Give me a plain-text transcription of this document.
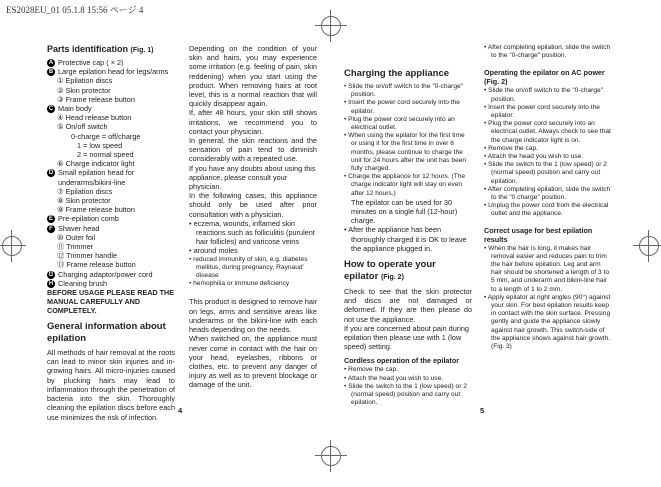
ES2028EU_01 05.1.8 15:56 ページ 4
Parts identification (Fig. 1)
A Protective cap ( × 2)
B Large epilation head for legs/arms
① Epilation discs
② Skin protector
③ Frame release button
C Main body
④ Head release button
⑤ On/off switch
0-charge = off/charge
1 = low speed
2 = normal speed
⑥ Charge indicator light
D Small epilation head for underarms/bikini-line
⑦ Epilation discs
⑧ Skin protector
⑨ Frame release button
E Pre-epilation comb
F Shaver head
⑩ Outer foil
⑪ Trimmer
⑫ Trimmer handle
⑬ Frame release button
G Charging adaptor/power cord
H Cleaning brush

BEFORE USAGE PLEASE READ THE MANUAL CAREFULLY AND COMPLETELY.

General information about epilation

All methods of hair removal at the roots can lead to minor skin injuries and in-growing hairs. All micro-injuries caused by plucking hairs may lead to inflammation through the penetration of bacteria into the skin. Thoroughly cleaning the epilation discs before each use minimizes the risk of infection.

Depending on the condition of your skin and hairs, you may experience some irritation (e.g. feeling of pain, skin reddening) when you start using the product. When removing hairs at root level, this is a normal reaction that will quickly disappear again.

If, after 48 hours, your skin still shows irritations, we recommend you to contact your physician.

In general, the skin reactions and the sensation of pain tend to diminish considerably with a repeated use.

If you have any doubts about using this appliance, please consult your physician.

In the following cases, this appliance should only be used after prior consultation with a physician.

• eczema, wounds, inflamed skin reactions such as folliculitis (purulent hair follicles) and varicose veins
• around moles
• reduced immunity of skin, e.g. diabetes mellitus, during pregnancy, Raynaud' disease
• hemophilia or immune deficiency

This product is designed to remove hair on legs, arms and sensitive areas like underarms or the bikini-line with each heads depending on the needs.

When switched on, the appliance must never come in contact with the hair on your head, eyelashes, ribbons or clothes, etc. to prevent any danger of injury as well as to prevent blockage or damage of the unit.

Charging the appliance
• Slide the on/off switch to the "0-charge" position.
• Insert the power cord securely into the epilator.
• Plug the power cord securely into an electrical outlet.
• When using the epilator for the first time or using it for the first time in over 6 months, please continue to charge the unit for 24 hours after the unit has been fully charged.
• Charge the appliance for 12 hours. (The charge indicator light will stay on even after 12 hours.)

The epilator can be used for 30 minutes on a single full (12-hour) charge.

• After the appliance has been thoroughly charged it is OK to leave the appliance plugged in.
How to operate your epilator (Fig. 2)

Check to see that the skin protector and discs are not damaged or deformed. If they are then please do not use the appliance.

If you are concerned about pain during epilation then please use with 1 (low speed) setting.

Cordless operation of the epilator
• Remove the cap.
• Attach the head you wish to use.
• Slide the switch to the 1 (low speed) or 2 (normal speed) position and carry out epilation.
• After completing epilation, slide the switch to the "0-charge" position.
Operating the epilator on AC power (Fig. 2)
• Slide the on/off switch to the "0-charge" position.
• Insert the power cord securely into the epilator.
• Plug the power cord securely into an electrical outlet. Always check to see that the charge indicator light is on.
• Remove the cap.
• Attach the head you wish to use.
• Slide the switch to the 1 (low speed) or 2 (normal speed) position and carry out epilation.
• After completing epilation, slide the switch to the "0 charge" position.
• Unplug the power cord from the electrical outlet and the appliance.
Correct usage for best epilation results
• When the hair is long, it makes hair removal easier and reduces pain to trim the hair before epilation. Leg and arm hair should be shortened a length of 3 to 5 mm, and underarm and bikini-line hair to a length of 1 to 2 mm.
• Apply epilator at right angles (90°) against your skin. For best epilation results keep in contact with the skin surface. Pressing gently and guide the appliance slowly against hair growth. This switch-side of the appliance shows against hair growth. (Fig. 3)
4	5
